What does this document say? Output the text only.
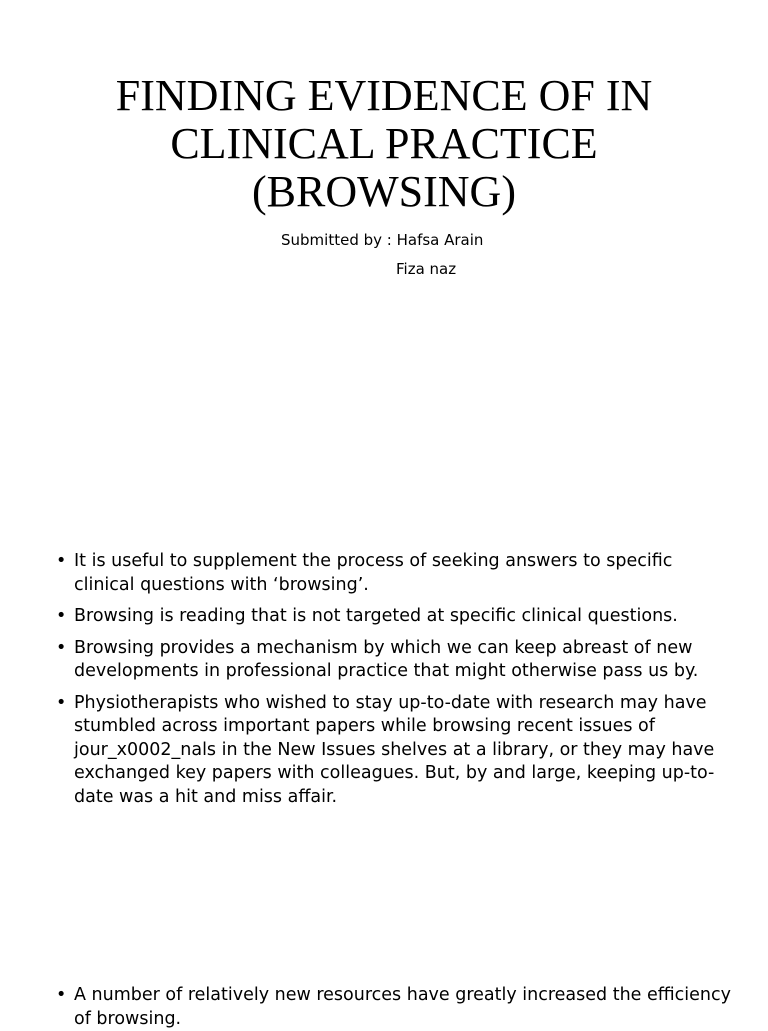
FINDING EVIDENCE OF IN
CLINICAL PRACTICE
(BROWSING)
Submitted by : Hafsa Arain
Fiza naz
• It is useful to supplement the process of seeking answers to specific clinical questions with ‘browsing’.
• Browsing is reading that is not targeted at specific clinical questions.
• Browsing provides a mechanism by which we can keep abreast of new developments in professional practice that might otherwise pass us by.
• Physiotherapists who wished to stay up-to-date with research may have stumbled across important papers while browsing recent issues of jour_x0002_nals in the New Issues shelves at a library, or they may have exchanged key papers with colleagues. But, by and large, keeping up-to-date was a hit and miss affair.
• A number of relatively new resources have greatly increased the efficiency of browsing.
